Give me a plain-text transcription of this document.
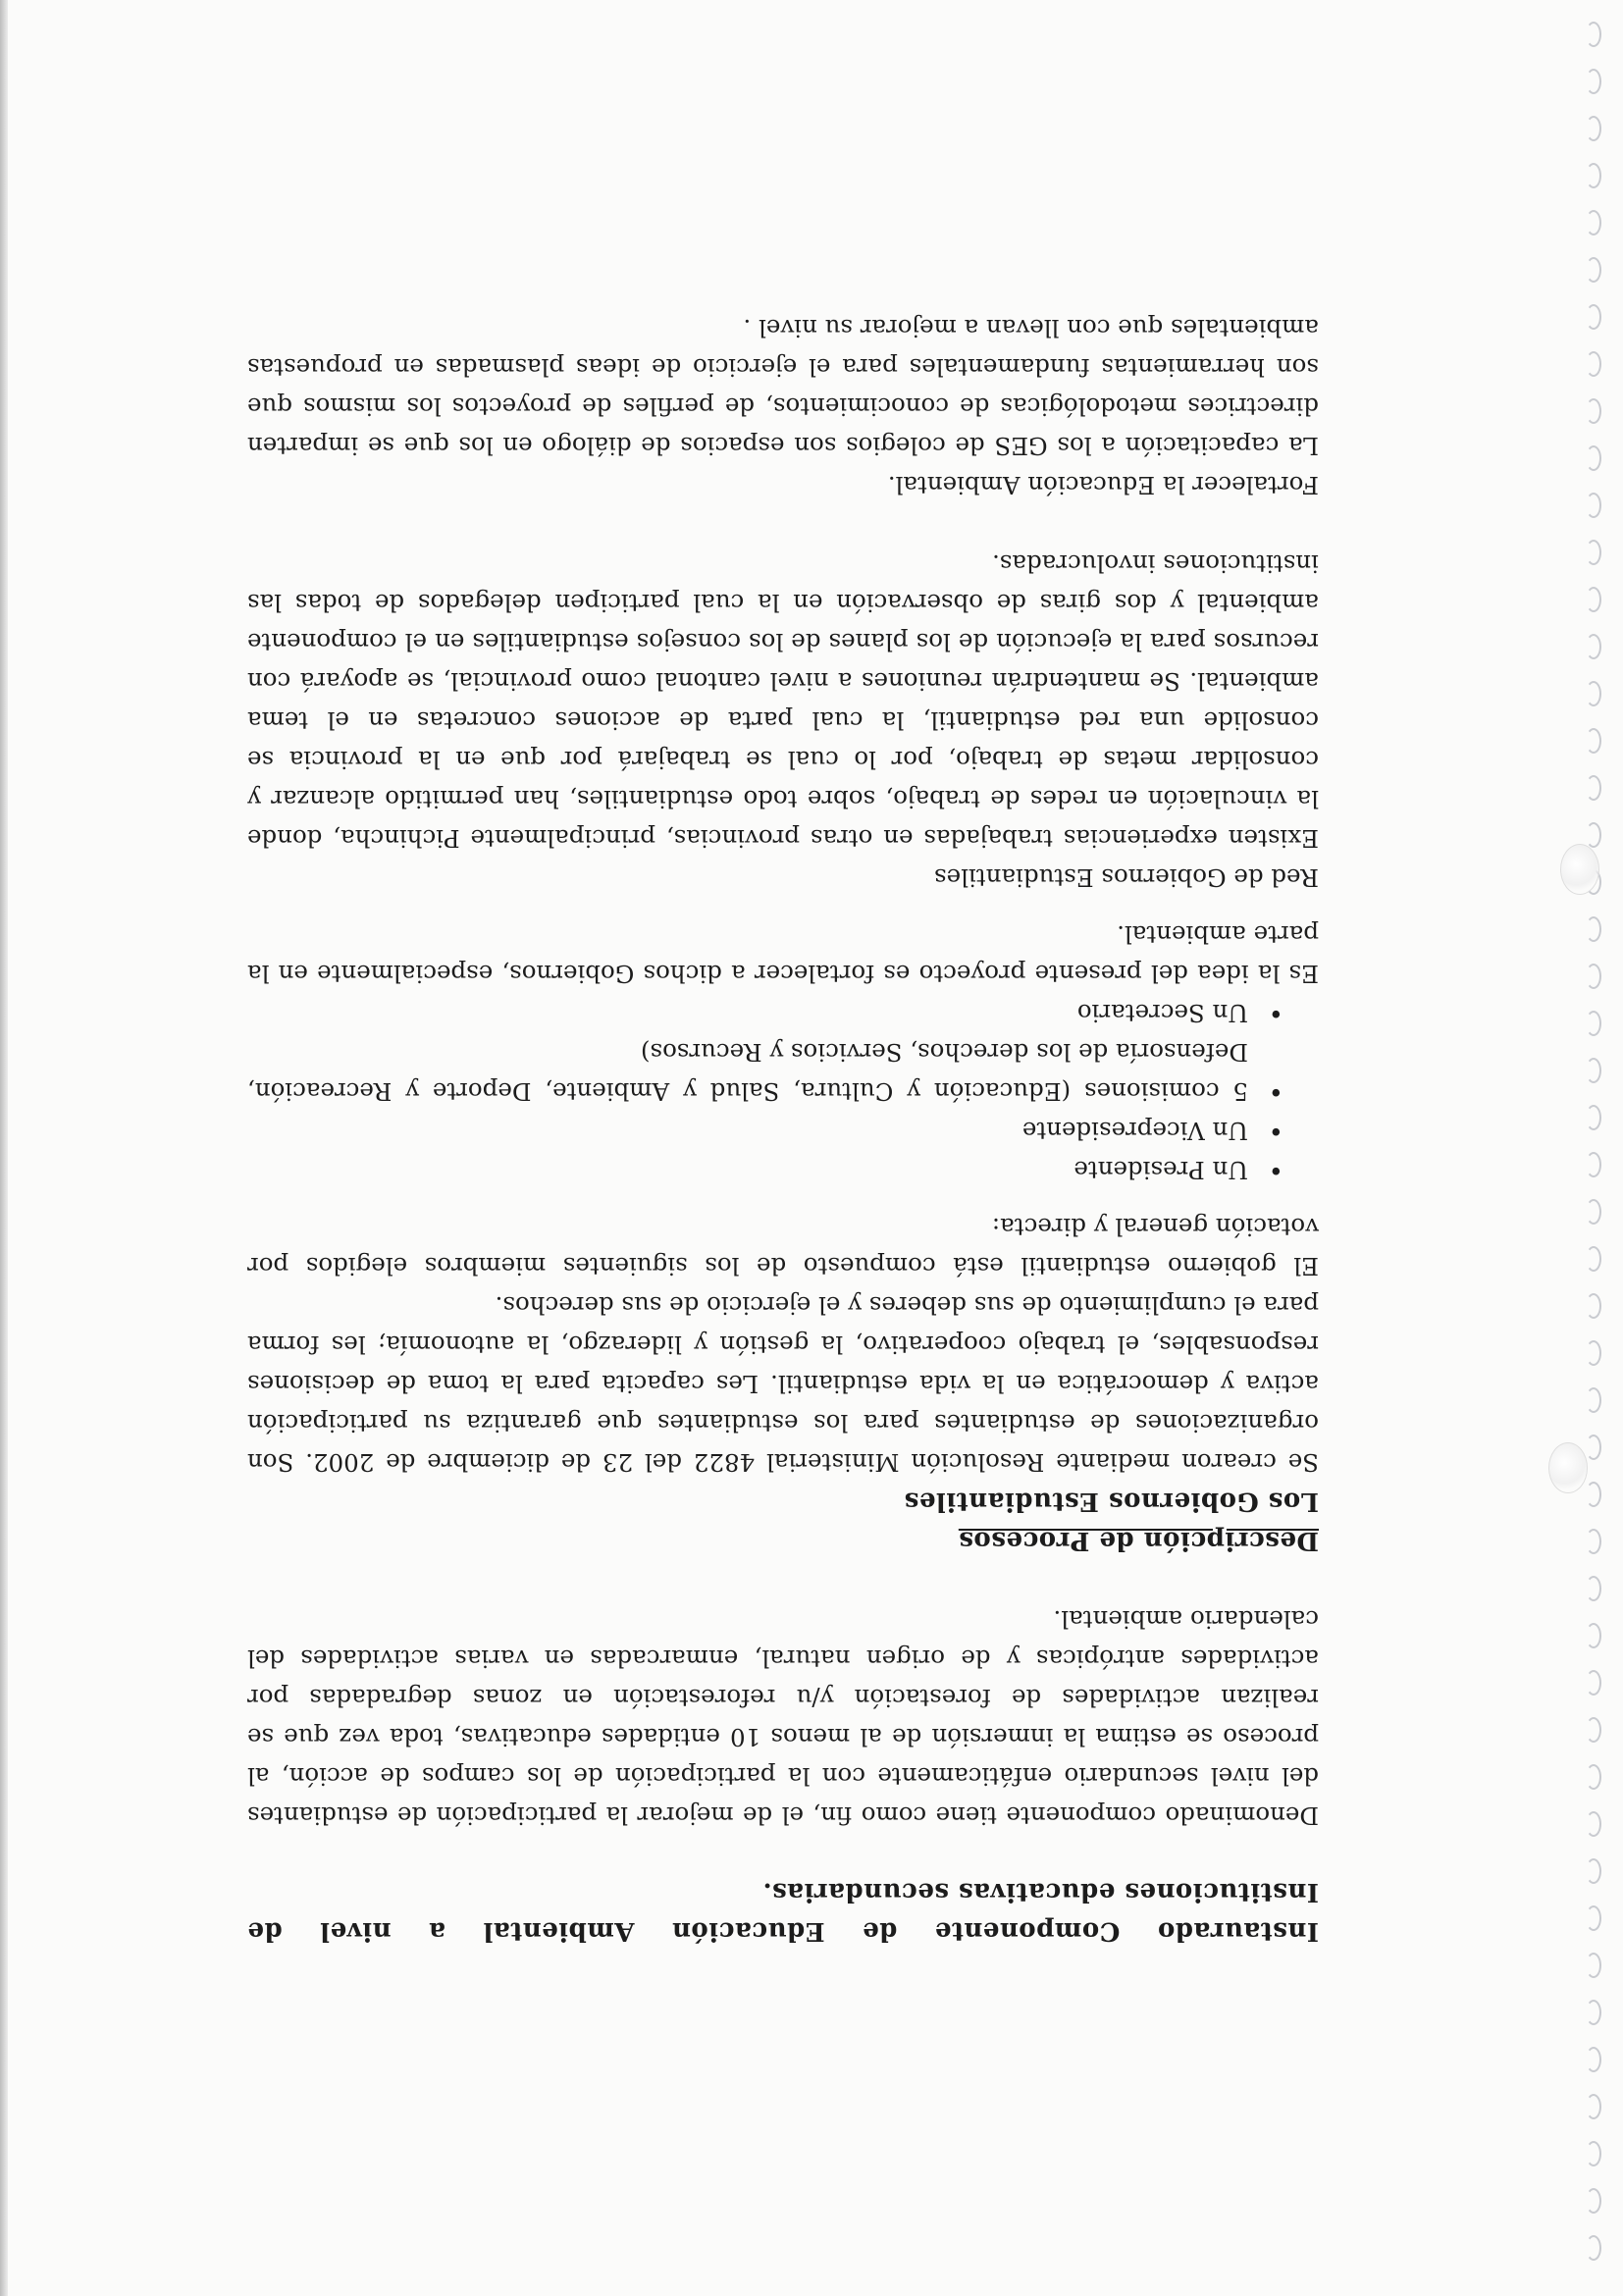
Instaurado Componente de Educación Ambiental a nivel de Instituciones educativas secundarias.

Denominado componente tiene como fin, el de mejorar la participación de estudiantes del nivel secundario enfáticamente con la participación de los campos de acción, al proceso se estima la inmersión de al menos 10 entidades educativas, toda vez que se realizan actividades de forestación y/u reforestación en zonas degradadas por actividades antrópicas y de origen natural, enmarcadas en varias actividades del calendario ambiental.

Descripción de Procesos

Los Gobiernos Estudiantiles

Se crearon mediante Resolución Ministerial 4822 del 23 de diciembre de 2002. Son organizaciones de estudiantes para los estudiantes que garantiza su participación activa y democrática en la vida estudiantil. Les capacita para la toma de decisiones responsables, el trabajo cooperativo, la gestión y liderazgo, la autonomía; les forma para el cumplimiento de sus deberes y el ejercicio de sus derechos.

El gobierno estudiantil está compuesto de los siguientes miembros elegidos por votación general y directa:

• Un Presidente
• Un Vicepresidente
• 5 comisiones (Educación y Cultura, Salud y Ambiente, Deporte y Recreación, Defensoría de los derechos, Servicios y Recursos)
• Un Secretario

Es la idea del presente proyecto es fortalecer a dichos Gobiernos, especialmente en la parte ambiental.

Red de Gobiernos Estudiantiles

Existen experiencias trabajadas en otras provincias, principalmente Pichincha, donde la vinculación en redes de trabajo, sobre todo estudiantiles, han permitido alcanzar y consolidar metas de trabajo, por lo cual se trabajará por que en la provincia se consolide una red estudiantil, la cual parta de acciones concretas en el tema ambiental. Se mantendrán reuniones a nivel cantonal como provincial, se apoyará con recursos para la ejecución de los planes de los consejos estudiantiles en el componente ambiental y dos giras de observación en la cual participen delegados de todas las instituciones involucradas.

Fortalecer la Educación Ambiental.

La capacitación a los GES de colegios son espacios de diálogo en los que se imparten directrices metodológicas de conocimientos, de perfiles de proyectos los mismos que son herramientas fundamentales para el ejercicio de ideas plasmadas en propuestas ambientales que con llevan a mejorar su nivel .
